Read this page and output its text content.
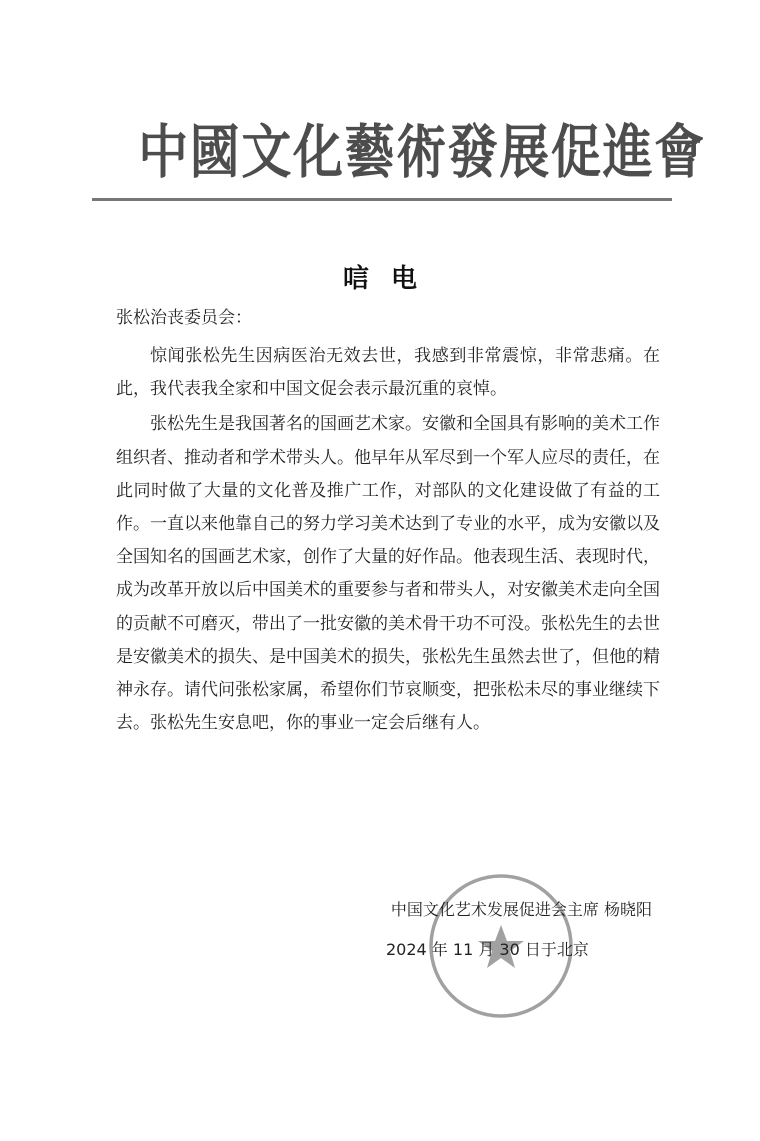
中國文化藝術發展促進會
唁电
张松治丧委员会：

惊闻张松先生因病医治无效去世，我感到非常震惊，非常悲痛。在此，我代表我全家和中国文促会表示最沉重的哀悼。

张松先生是我国著名的国画艺术家。安徽和全国具有影响的美术工作组织者、推动者和学术带头人。他早年从军尽到一个军人应尽的责任，在此同时做了大量的文化普及推广工作，对部队的文化建设做了有益的工作。一直以来他靠自己的努力学习美术达到了专业的水平，成为安徽以及全国知名的国画艺术家，创作了大量的好作品。他表现生活、表现时代，成为改革开放以后中国美术的重要参与者和带头人，对安徽美术走向全国的贡献不可磨灭，带出了一批安徽的美术骨干功不可没。张松先生的去世是安徽美术的损失、是中国美术的损失，张松先生虽然去世了，但他的精神永存。请代问张松家属，希望你们节哀顺变，把张松未尽的事业继续下去。张松先生安息吧，你的事业一定会后继有人。

中国文化艺术发展促进会主席 杨晓阳
2024 年 11 月 30 日于北京
